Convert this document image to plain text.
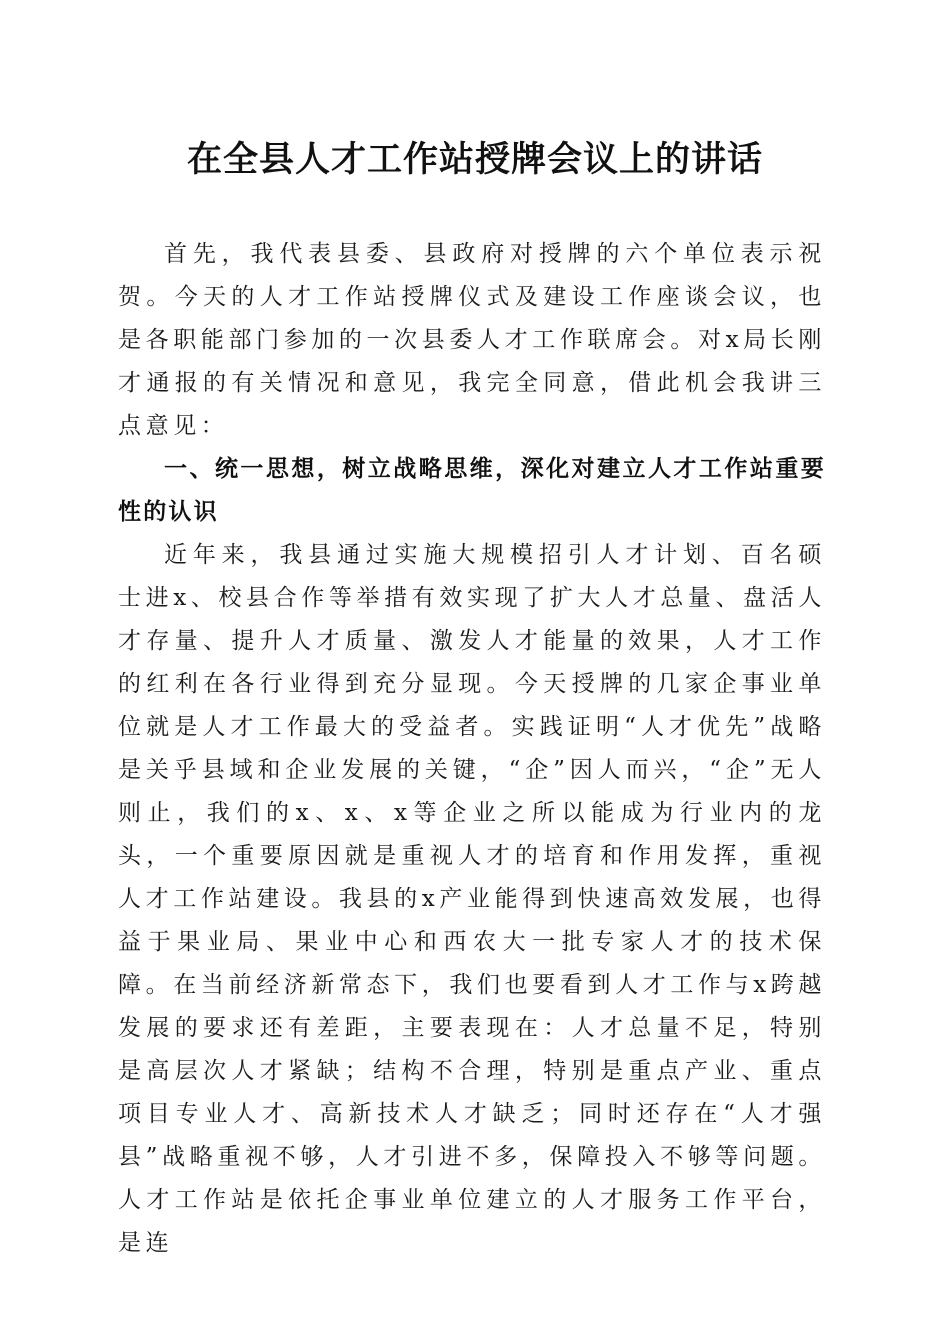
在全县人才工作站授牌会议上的讲话

首先，我代表县委、县政府对授牌的六个单位表示祝贺。今天的人才工作站授牌仪式及建设工作座谈会议，也是各职能部门参加的一次县委人才工作联席会。对x局长刚才通报的有关情况和意见，我完全同意，借此机会我讲三点意见：

一、统一思想，树立战略思维，深化对建立人才工作站重要性的认识

近年来，我县通过实施大规模招引人才计划、百名硕士进x、校县合作等举措有效实现了扩大人才总量、盘活人才存量、提升人才质量、激发人才能量的效果，人才工作的红利在各行业得到充分显现。今天授牌的几家企事业单位就是人才工作最大的受益者。实践证明“人才优先”战略是关乎县域和企业发展的关键，“企”因人而兴，“企”无人则止，我们的x、x、x等企业之所以能成为行业内的龙头，一个重要原因就是重视人才的培育和作用发挥，重视人才工作站建设。我县的x产业能得到快速高效发展，也得益于果业局、果业中心和西农大一批专家人才的技术保障。在当前经济新常态下，我们也要看到人才工作与x跨越发展的要求还有差距，主要表现在：人才总量不足，特别是高层次人才紧缺；结构不合理，特别是重点产业、重点项目专业人才、高新技术人才缺乏；同时还存在“人才强县”战略重视不够，人才引进不多，保障投入不够等问题。人才工作站是依托企事业单位建立的人才服务工作平台，是连
